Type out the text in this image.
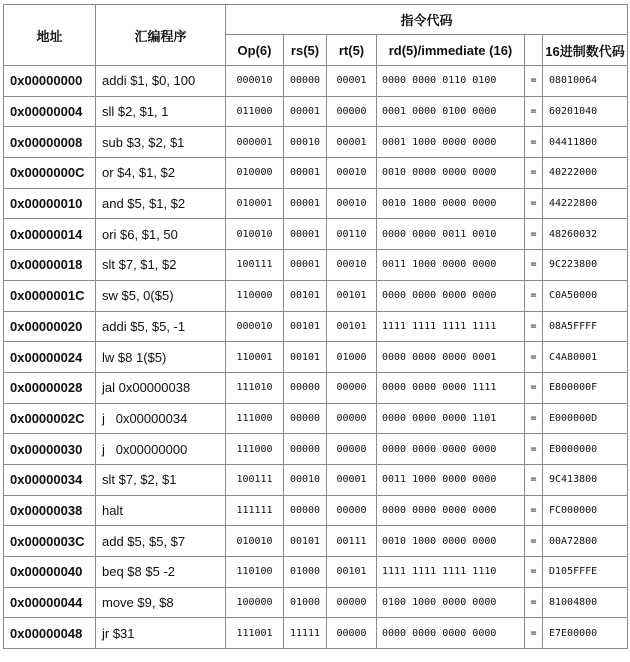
地址	汇编程序	指令代码					
		Op(6)	rs(5)	rt(5)	rd(5)/immediate (16)		16进制数代码
0x00000000	addi $1, $0, 100	000010	00000	00001	0000 0000 0110 0100	=	08010064
0x00000004	sll $2, $1, 1	011000	00001	00000	0001 0000 0100 0000	=	60201040
0x00000008	sub $3, $2, $1	000001	00010	00001	0001 1000 0000 0000	=	04411800
0x0000000C	or $4, $1, $2	010000	00001	00010	0010 0000 0000 0000	=	40222000
0x00000010	and $5, $1, $2	010001	00001	00010	0010 1000 0000 0000	=	44222800
0x00000014	ori $6, $1, 50	010010	00001	00110	0000 0000 0011 0010	=	48260032
0x00000018	slt $7, $1, $2	100111	00001	00010	0011 1000 0000 0000	=	9C223800
0x0000001C	sw $5, 0($5)	110000	00101	00101	0000 0000 0000 0000	=	C0A50000
0x00000020	addi $5, $5, -1	000010	00101	00101	1111 1111 1111 1111	=	08A5FFFF
0x00000024	lw $8 1($5)	110001	00101	01000	0000 0000 0000 0001	=	C4A80001
0x00000028	jal 0x00000038	111010	00000	00000	0000 0000 0000 1111	=	E800000F
0x0000002C	j   0x00000034	111000	00000	00000	0000 0000 0000 1101	=	E000000D
0x00000030	j   0x00000000	111000	00000	00000	0000 0000 0000 0000	=	E0000000
0x00000034	slt $7, $2, $1	100111	00010	00001	0011 1000 0000 0000	=	9C413800
0x00000038	halt	111111	00000	00000	0000 0000 0000 0000	=	FC000000
0x0000003C	add $5, $5, $7	010010	00101	00111	0010 1000 0000 0000	=	00A72800
0x00000040	beq $8 $5 -2	110100	01000	00101	1111 1111 1111 1110	=	D105FFFE
0x00000044	move $9, $8	100000	01000	00000	0100 1000 0000 0000	=	81004800
0x00000048	jr $31	111001	11111	00000	0000 0000 0000 0000	=	E7E00000
